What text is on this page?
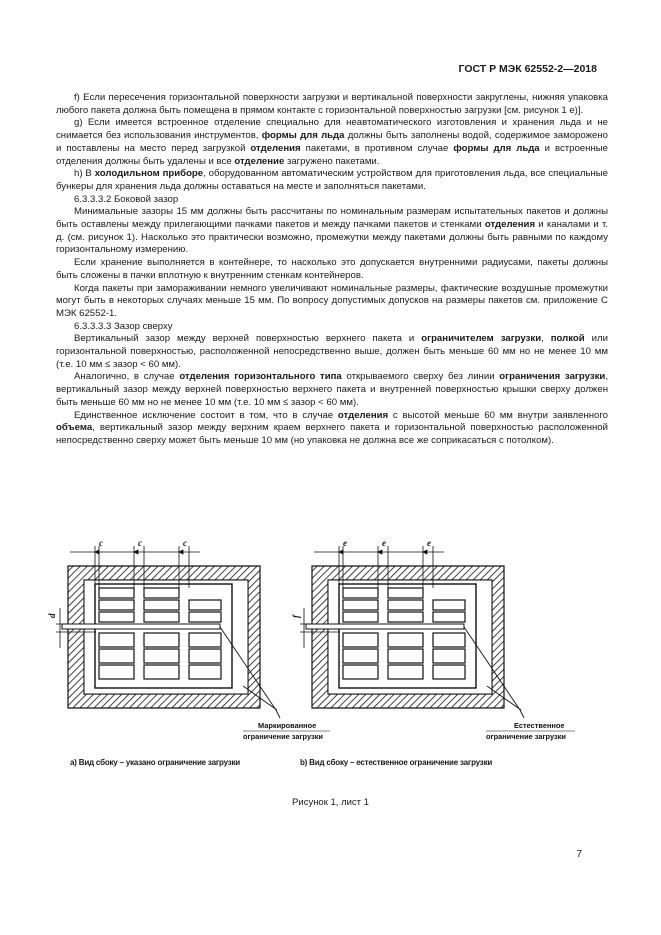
ГОСТ Р МЭК 62552-2—2018

f) Если пересечения горизонтальной поверхности загрузки и вертикальной поверхности закруглены, нижняя упаковка любого пакета должна быть помещена в прямом контакте с горизонтальной поверхностью загрузки [см. рисунок 1 е)].

g) Если имеется встроенное отделение специально для неавтоматического изготовления и хранения льда и не снимается без использования инструментов, формы для льда должны быть заполнены водой, содержимое заморожено и поставлены на место перед загрузкой отделения пакетами, в противном случае формы для льда и встроенные отделения должны быть удалены и все отделение загружено пакетами.

h) В холодильном приборе, оборудованном автоматическим устройством для приготовления льда, все специальные бункеры для хранения льда должны оставаться на месте и заполняться пакетами.

6.3.3.3.2 Боковой зазор

Минимальные зазоры 15 мм должны быть рассчитаны по номинальным размерам испытательных пакетов и должны быть оставлены между прилегающими пачками пакетов и между пачками пакетов и стенками отделения и каналами и т. д. (см. рисунок 1). Насколько это практически возможно, промежутки между пакетами должны быть равными по каждому горизонтальному измерению.

Если хранение выполняется в контейнере, то насколько это допускается внутренними радиусами, пакеты должны быть сложены в пачки вплотную к внутренним стенкам контейнеров.

Когда пакеты при замораживании немного увеличивают номинальные размеры, фактические воздушные промежутки могут быть в некоторых случаях меньше 15 мм. По вопросу допустимых допусков на размеры пакетов см. приложение С МЭК 62552-1.

6.3.3.3.3 Зазор сверху

Вертикальный зазор между верхней поверхностью верхнего пакета и ограничителем загрузки, полкой или горизонтальной поверхностью, расположенной непосредственно выше, должен быть меньше 60 мм но не менее 10 мм (т.е. 10 мм ≤ зазор < 60 мм).

Аналогично, в случае отделения горизонтального типа открываемого сверху без линии ограничения загрузки, вертикальный зазор между верхней поверхностью верхнего пакета и внутренней поверхностью крышки сверху должен быть меньше 60 мм но не менее 10 мм (т.е. 10 мм ≤ зазор < 60 мм).

Единственное исключение состоит в том, что в случае отделения с высотой меньше 60 мм внутри заявленного объема, вертикальный зазор между верхним краем верхнего пакета и горизонтальной поверхностью расположенной непосредственно сверху может быть меньше 10 мм (но упаковка не должна все же соприкасаться с потолком).

c	c	c
d
Маркированное
ограничение загрузки
e	e	e
f
Естественное
ограничение загрузки
a) Вид сбоку – указано ограничение загрузки	b) Вид сбоку – естественное ограничение загрузки
Рисунок 1, лист 1
7
